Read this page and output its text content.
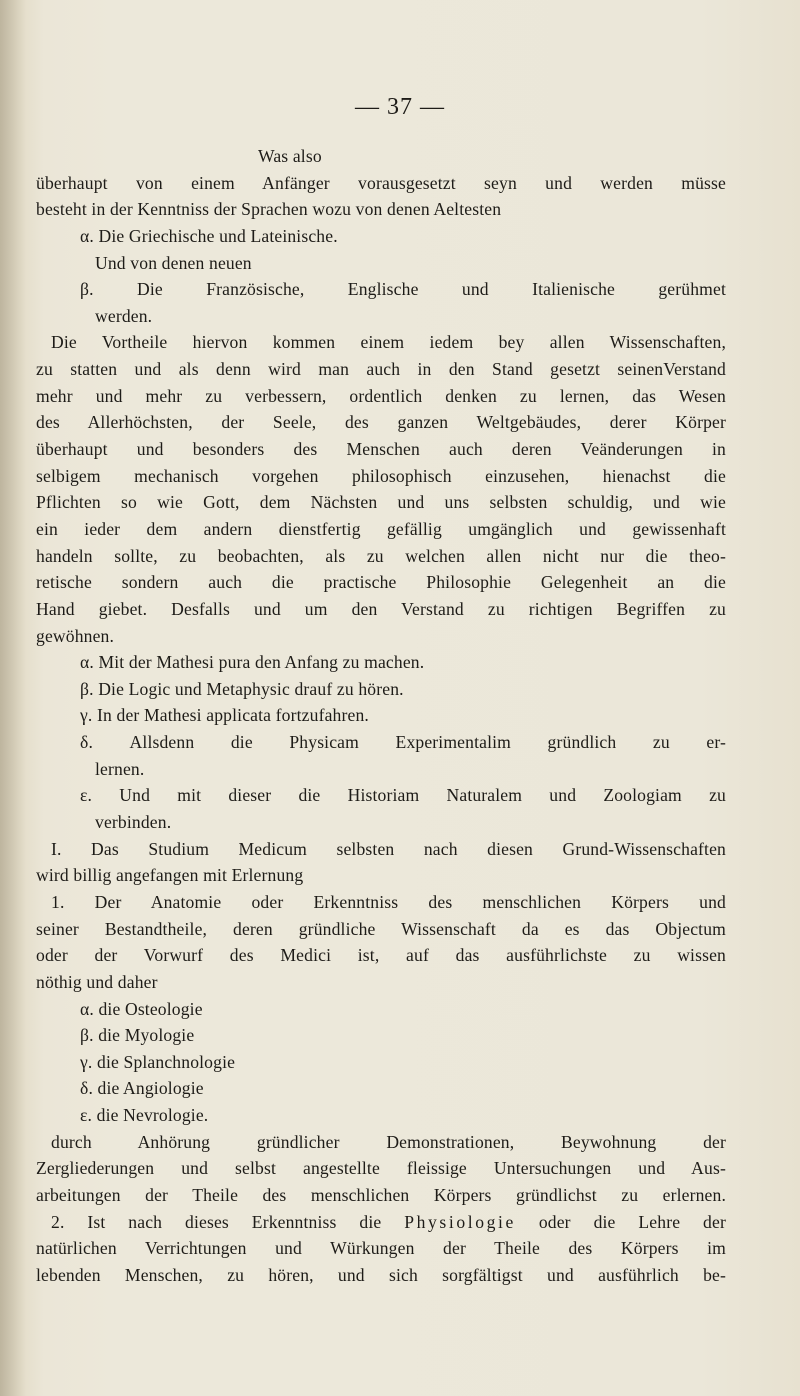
— 37 —
Was also
überhaupt von einem Anfänger vorausgesetzt seyn und werden müsse
besteht in der Kenntniss der Sprachen wozu von denen Aeltesten
α. Die Griechische und Lateinische.
Und von denen neuen
β. Die Französische, Englische und Italienische gerühmet
werden.
Die Vortheile hiervon kommen einem iedem bey allen Wissenschaften,
zu statten und als denn wird man auch in den Stand gesetzt seinenVerstand
mehr und mehr zu verbessern, ordentlich denken zu lernen, das Wesen
des Allerhöchsten, der Seele, des ganzen Weltgebäudes, derer Körper
überhaupt und besonders des Menschen auch deren Veänderungen in
selbigem mechanisch vorgehen philosophisch einzusehen, hienachst die
Pflichten so wie Gott, dem Nächsten und uns selbsten schuldig, und wie
ein ieder dem andern dienstfertig gefällig umgänglich und gewissenhaft
handeln sollte, zu beobachten, als zu welchen allen nicht nur die theo-
retische sondern auch die practische Philosophie Gelegenheit an die
Hand giebet. Desfalls und um den Verstand zu richtigen Begriffen zu
gewöhnen.
α. Mit der Mathesi pura den Anfang zu machen.
β. Die Logic und Metaphysic drauf zu hören.
γ. In der Mathesi applicata fortzufahren.
δ. Allsdenn die Physicam Experimentalim gründlich zu er-
lernen.
ε. Und mit dieser die Historiam Naturalem und Zoologiam zu
verbinden.
I. Das Studium Medicum selbsten nach diesen Grund-Wissenschaften
wird billig angefangen mit Erlernung
1. Der Anatomie oder Erkenntniss des menschlichen Körpers und
seiner Bestandtheile, deren gründliche Wissenschaft da es das Objectum
oder der Vorwurf des Medici ist, auf das ausführlichste zu wissen
nöthig und daher
α. die Osteologie
β. die Myologie
γ. die Splanchnologie
δ. die Angiologie
ε. die Nevrologie.
durch Anhörung gründlicher Demonstrationen, Beywohnung der
Zergliederungen und selbst angestellte fleissige Untersuchungen und Aus-
arbeitungen der Theile des menschlichen Körpers gründlichst zu erlernen.
2. Ist nach dieses Erkenntniss die Physiologie oder die Lehre der
natürlichen Verrichtungen und Würkungen der Theile des Körpers im
lebenden Menschen, zu hören, und sich sorgfältigst und ausführlich be-
